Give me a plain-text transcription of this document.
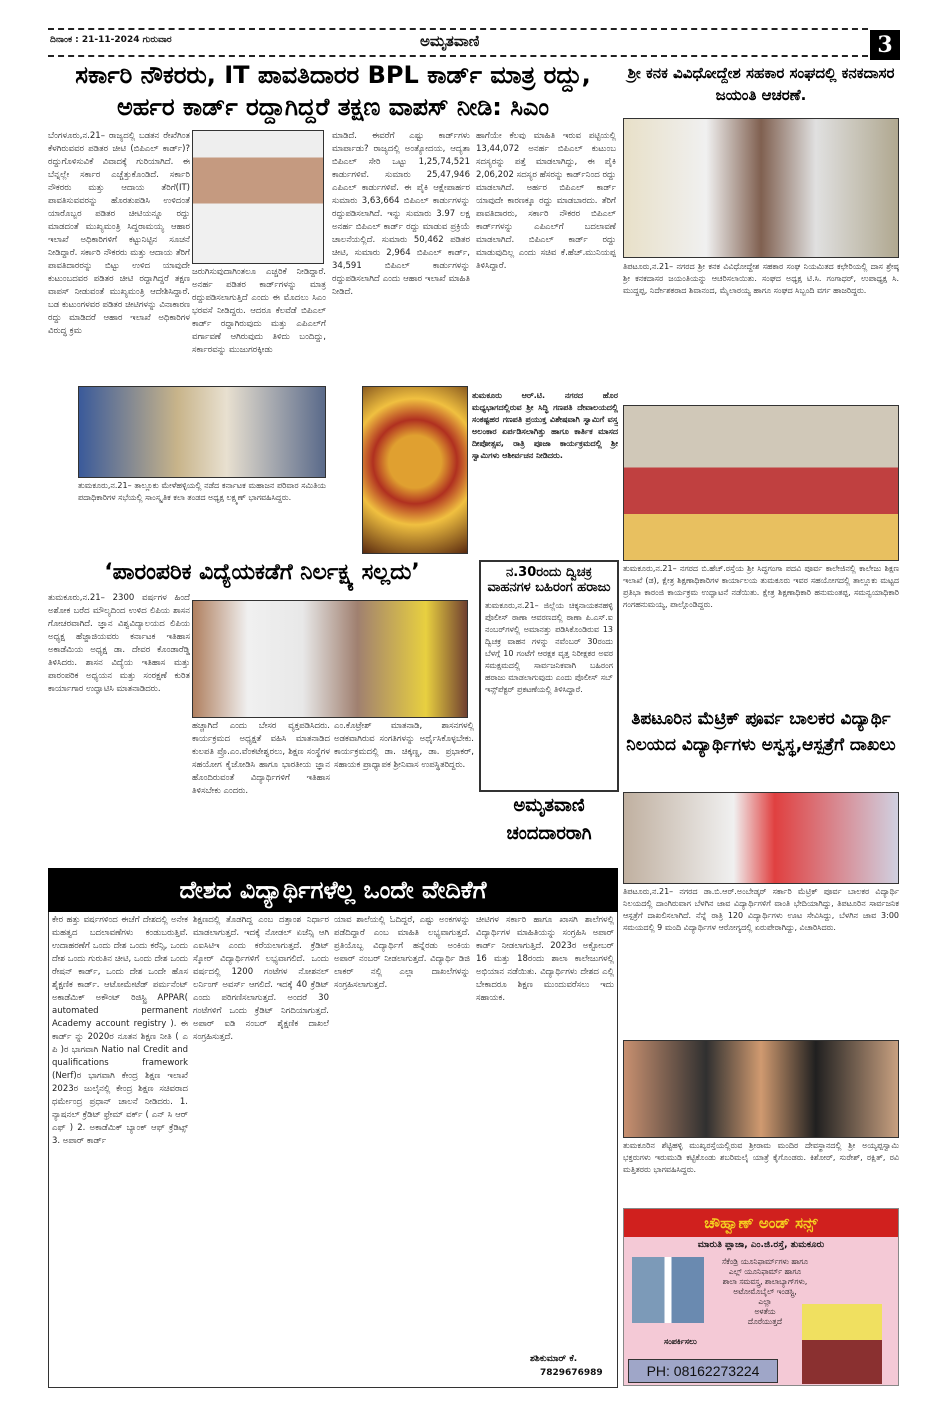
ದಿನಾಂಕ : 21-11-2024 ಗುರುವಾರ	ಅಮೃತವಾಣಿ	3
ಸರ್ಕಾರಿ ನೌಕರರು, IT ಪಾವತಿದಾರರ BPL ಕಾರ್ಡ್ ಮಾತ್ರ ರದ್ದು,
ಅರ್ಹರ ಕಾರ್ಡ್ ರದ್ದಾಗಿದ್ದರೆ ತಕ್ಷಣ ವಾಪಸ್ ನೀಡಿ: ಸಿಎಂ
ಬೆಂಗಳೂರು,ನ.21– ರಾಜ್ಯದಲ್ಲಿ ಬಡತನ ರೇಖೆಗಿಂತ ಕೆಳಗಿರುವವರ ಪಡಿತರ ಚೀಟಿ (ಬಿಪಿಎಲ್ ಕಾರ್ಡ್)? ರದ್ದುಗೊಳಿಸುವಿಕೆ ವಿವಾದಕ್ಕೆ ಗುರಿಯಾಗಿದೆ. ಈ ಬೆನ್ನಲ್ಲೇ ಸರ್ಕಾರ ಎಚ್ಚೆತ್ತುಕೊಂಡಿದೆ. ಸರ್ಕಾರಿ ನೌಕರರು ಮತ್ತು ಆದಾಯ ತೆರಿಗೆ(IT) ಪಾವತಿಸುವವರನ್ನು ಹೊರತುಪಡಿಸಿ ಉಳಿದಂತೆ ಯಾರೊಬ್ಬರ ಪಡಿತರ ಚೀಟಿಯನ್ನೂ ರದ್ದು ಮಾಡದಂತೆ ಮುಖ್ಯಮಂತ್ರಿ ಸಿದ್ದರಾಮಯ್ಯ ಆಹಾರ ಇಲಾಖೆ ಅಧಿಕಾರಿಗಳಿಗೆ ಕಟ್ಟುನಿಟ್ಟಿನ ಸೂಚನೆ ನೀಡಿದ್ದಾರೆ. ಸರ್ಕಾರಿ ನೌಕರರು ಮತ್ತು ಆದಾಯ ತೆರಿಗೆ ಪಾವತಿದಾರರನ್ನು ಬಿಟ್ಟು ಉಳಿದ ಯಾವುದೇ ಕುಟುಂಬದವರ ಪಡಿತರ ಚೀಟಿ ರದ್ದಾಗಿದ್ದರೆ ತಕ್ಷಣ ವಾಪಸ್ ನೀಡುವಂತೆ ಮುಖ್ಯಮಂತ್ರಿ ಆದೇಶಿಸಿದ್ದಾರೆ. ಬಡ ಕುಟುಂಗಳವರ ಪಡಿತರ ಚೀಟಿಗಳನ್ನು ವಿನಾಕಾರಣ ರದ್ದು ಮಾಡಿದರೆ ಆಹಾರ ಇಲಾಖೆ ಅಧಿಕಾರಿಗಳ ವಿರುದ್ಧ ಕ್ರಮ
ಜರುಗಿಸುವುದಾಗಿಂತಲೂ ಎಚ್ಚರಿಕೆ ನೀಡಿದ್ದಾರೆ. ಅನರ್ಹ ಪಡಿತರ ಕಾರ್ಡ್‌ಗಳನ್ನು ಮಾತ್ರ ರದ್ದುಪಡಿಸಲಾಗುತ್ತಿದೆ ಎಂದು ಈ ಮೊದಲು ಸಿಎಂ ಭರವಸೆ ನೀಡಿದ್ದರು. ಆದರೂ ಕೆಲವೆಡೆ ಬಿಪಿಎಲ್ ಕಾರ್ಡ್ ರದ್ದಾಗಿರುವುದು ಮತ್ತು ಎಪಿಎಲ್‌ಗೆ ವರ್ಗಾವಣೆ ಆಗಿರುವುದು ತಿಳಿದು ಬಂದಿದ್ದು, ಸರ್ಕಾರವನ್ನು ಮುಜುಗರಕ್ಕೀಡು
ಮಾಡಿದೆ. ಈವರೆಗೆ ಎಷ್ಟು ಕಾರ್ಡ್‌ಗಳು ಮಾರ್ಪಾಡು? ರಾಜ್ಯದಲ್ಲಿ ಅಂತ್ಯೋದಯ, ಆದ್ಯತಾ ಬಿಪಿಎಲ್ ಸೇರಿ ಒಟ್ಟು 1,25,74,521 ಕಾರ್ಡುಗಳಿವೆ. ಸುಮಾರು 25,47,946 ಎಪಿಎಲ್ ಕಾರ್ಡುಗಳಿವೆ. ಈ ಪೈಕಿ ಆಕ್ಷೇಪಾರ್ಹರ ಸುಮಾರು 3,63,664 ಬಿಪಿಎಲ್ ಕಾರ್ಡುಗಳನ್ನು ರದ್ದುಪಡಿಸಲಾಗಿದೆ. ಇನ್ನು ಸುಮಾರು 3.97 ಲಕ್ಷ ಅನರ್ಹ ಬಿಪಿಎಲ್ ಕಾರ್ಡ್ ರದ್ದು ಮಾಡುವ ಪ್ರಕ್ರಿಯೆ ಚಾಲನೆಯಲ್ಲಿದೆ. ಸುಮಾರು 50,462 ಪಡಿತರ ಚೀಟಿ, ಸುಮಾರು 2,964 ಬಿಪಿಎಲ್ ಕಾರ್ಡ್, 34,591 ಬಿಪಿಎಲ್ ಕಾರ್ಡುಗಳನ್ನು ರದ್ದುಪಡಿಸಲಾಗಿದೆ ಎಂದು ಆಹಾರ ಇಲಾಖೆ ಮಾಹಿತಿ ನೀಡಿದೆ.
ಹಾಗೆಯೇ ಕೆಲವು ಮಾಹಿತಿ ಇರುವ ಪಟ್ಟಿಯಲ್ಲಿ 13,44,072 ಅನರ್ಹ ಬಿಪಿಎಲ್ ಕುಟುಂಬ ಸದಸ್ಯರನ್ನು ಪತ್ತೆ ಮಾಡಲಾಗಿದ್ದು, ಈ ಪೈಕಿ 2,06,202 ಸದಸ್ಯರ ಹೆಸರನ್ನು ಕಾರ್ಡ್‌ನಿಂದ ರದ್ದು ಮಾಡಲಾಗಿದೆ. ಅರ್ಹರ ಬಿಪಿಎಲ್ ಕಾರ್ಡ್ ಯಾವುದೇ ಕಾರಣಕ್ಕೂ ರದ್ದು ಮಾಡಬಾರದು. ತೆರಿಗೆ ಪಾವತಿದಾರರು, ಸರ್ಕಾರಿ ನೌಕರರ ಬಿಪಿಎಲ್ ಕಾರ್ಡ್‌ಗಳನ್ನು ಎಪಿಎಲ್‌ಗೆ ಬದಲಾವಣೆ ಮಾಡಲಾಗಿದೆ. ಬಿಪಿಎಲ್ ಕಾರ್ಡ್ ರದ್ದು ಮಾಡುವುದಿಲ್ಲ ಎಂದು ಸಚಿವ ಕೆ.ಹೆಚ್.ಮುನಿಯಪ್ಪ ತಿಳಿಸಿದ್ದಾರೆ.
ತುಮಕೂರು,ನ.21– ತಾಲ್ಲೂಕು ಮೇಳೆಹಳ್ಳಿಯಲ್ಲಿ ನಡೆದ ಕರ್ನಾಟಕ ಮಹಾಜನ ಪರಿವಾರ ಸಮಿತಿಯ ಪದಾಧಿಕಾರಿಗಳ ಸಭೆಯಲ್ಲಿ ಸಾಂಸ್ಕೃತಿಕ ಕಲಾ ತಂಡದ ಅಧ್ಯಕ್ಷ ಲಕ್ಷ್ಮಣ್ ಭಾಗವಹಿಸಿದ್ದರು.
ತುಮಕೂರು ಆರ್.ಟಿ. ನಗರದ ಹೊರ ಮಧ್ಯಭಾಗದಲ್ಲಿರುವ ಶ್ರೀ ಸಿದ್ಧಿ ಗಣಪತಿ ದೇವಾಲಯದಲ್ಲಿ ಸಂಕಷ್ಟಹರ ಗಣಪತಿ ಪ್ರಯುಕ್ತ ವಿಶೇಷವಾಗಿ ಸ್ವಾಮಿಗೆ ವಸ್ತ್ರ ಅಲಂಕಾರ ಏರ್ಪಡಿಸಲಾಗಿತ್ತು ಹಾಗೂ ಕಾರ್ತಿಕ ಮಾಸದ ದೀಪೋತ್ಸವ, ರಾತ್ರಿ ಪೂಜಾ ಕಾರ್ಯಕ್ರಮದಲ್ಲಿ ಶ್ರೀ ಸ್ವಾಮಿಗಳು ಆಶೀರ್ವಚನ ನೀಡಿದರು.
‘ಪಾರಂಪರಿಕ ವಿದ್ಯೆಯಕಡೆಗೆ ನಿರ್ಲಕ್ಷ್ಯ ಸಲ್ಲದು’
ತುಮಕೂರು,ನ.21– 2300 ವರ್ಷಗಳ ಹಿಂದೆ ಅಶೋಕ ಬರೆದ ಮೌಲ್ಯದಿಂದ ಉಳಿದ ಲಿಪಿಯ ಶಾಸನ ಗೋಚರವಾಗಿದೆ. ಜ್ಞಾನ ವಿಶ್ವವಿದ್ಯಾಲಯದ ಲಿಪಿಯ ಅಧ್ಯಕ್ಷ ಹೆಜ್ಜಾಜಿಯವರು ಕರ್ನಾಟಕ ಇತಿಹಾಸ ಅಕಾಡೆಮಿಯ ಅಧ್ಯಕ್ಷ ಡಾ. ದೇವರ ಕೊಂಡಾರೆಡ್ಡಿ ತಿಳಿಸಿದರು. ಶಾಸನ ವಿದ್ಯೆಯ ಇತಿಹಾಸ ಮತ್ತು ಪಾರಂಪರಿಕ ಅಧ್ಯಯನ ಮತ್ತು ಸಂರಕ್ಷಣೆ ಕುರಿತ ಕಾರ್ಯಾಗಾರ ಉದ್ಘಾಟಿಸಿ ಮಾತನಾಡಿದರು.
ಹಚ್ಚಾಗಿದೆ ಎಂದು ಬೇಸರ ವ್ಯಕ್ತಪಡಿಸಿದರು. ಕಾರ್ಯಕ್ರಮದ ಅಧ್ಯಕ್ಷತೆ ವಹಿಸಿ ಮಾತನಾಡಿದ ಕುಲಪತಿ ಪ್ರೊ.ಎಂ.ವೆಂಕಟೇಶ್ವರಲು, ಶಿಕ್ಷಣ ಸಂಸ್ಥೆಗಳ ಸಹಯೋಗ ಕೈಜೋಡಿಸಿ ಹಾಗೂ ಭಾರತೀಯ ಜ್ಞಾನ ಹೊಂದಿರುವಂತೆ ವಿದ್ಯಾರ್ಥಿಗಳಿಗೆ ಇತಿಹಾಸ ತಿಳಿಸಬೇಕು ಎಂದರು.
ಎಂ.ಕೊಟ್ರೇಶ್ ಮಾತನಾಡಿ, ಶಾಸನಗಳಲ್ಲಿ ಅಡಕವಾಗಿರುವ ಸಂಗತಿಗಳನ್ನು ಅರ್ಥೈಸಿಕೊಳ್ಳಬೇಕು. ಕಾರ್ಯಕ್ರಮದಲ್ಲಿ ಡಾ. ಚಿಕ್ಕಣ್ಣ, ಡಾ. ಪ್ರಭಾಕರ್, ಸಹಾಯಕ ಪ್ರಾಧ್ಯಾಪಕ ಶ್ರೀನಿವಾಸ ಉಪಸ್ಥಿತರಿದ್ದರು.
ನ.30ರಂದು ದ್ವಿಚಕ್ರ ವಾಹನಗಳ ಬಹಿರಂಗ ಹರಾಜು
ತುಮಕೂರು,ನ.21– ಜಿಲ್ಲೆಯ ಚಿಕ್ಕನಾಯಕನಹಳ್ಳಿ ಪೊಲೀಸ್ ಠಾಣಾ ಆವರಣದಲ್ಲಿ ಠಾಣಾ ಪಿ.ಎಸ್.ಐ ನಂಬರ್‌ಗಳಲ್ಲಿ ಅಮಾನತ್ತು ಪಡಿಸಿಕೊಂಡಿರುವ 13 ದ್ವಿಚಕ್ರ ವಾಹನ ಗಳನ್ನು ನವೆಂಬರ್ 30ರಂದು ಬೆಳಗ್ಗೆ 10 ಗಂಟೆಗೆ ಆರಕ್ಷಕ ವೃತ್ತ ನಿರೀಕ್ಷಕರ ಅವರ ಸಮಕ್ಷಮದಲ್ಲಿ ಸಾರ್ವಜನಿಕವಾಗಿ ಬಹಿರಂಗ ಹರಾಜು ಮಾಡಲಾಗುವುದು ಎಂದು ಪೊಲೀಸ್ ಸಬ್ ಇನ್ಸ್‌ಪೆಕ್ಟರ್ ಪ್ರಕಟಣೆಯಲ್ಲಿ ತಿಳಿಸಿದ್ದಾರೆ.
ಅಮೃತವಾಣಿ
ಚಂದದಾರರಾಗಿ
ದೇಶದ ವಿದ್ಯಾರ್ಥಿಗಳೆಲ್ಲ ಒಂದೇ ವೇದಿಕೆಗೆ
ಕೇರ ಹತ್ತು ವರ್ಷಗಳಿಂದ ಈಚೆಗೆ ದೇಶದಲ್ಲಿ ಅನೇಕ ಮಹತ್ವದ ಬದಲಾವಣೆಗಳು ಕಂಡುಬರುತ್ತಿವೆ. ಉದಾಹರಣೆಗೆ ಒಂದು ದೇಶ ಒಂದು ಕರೆನ್ಸಿ, ಒಂದು ದೇಶ ಒಂದು ಗುರುತಿನ ಚೀಟಿ, ಒಂದು ದೇಶ ಒಂದು ರೇಷನ್ ಕಾರ್ಡ್, ಒಂದು ದೇಶ ಒಂದೇ ಹೊಸ ಶೈಕ್ಷಣಿಕ ಕಾರ್ಡ್. ಆಟೋಮೇಟೆಡ್ ಪರ್ಮನೆಂಟ್ ಅಕಾಡೆಮಿಕ್ ಅಕೌಂಟ್ ರಿಜಿಸ್ಟ್ರಿ APPAR( automated permanent Academy account registry ). ಈ ಕಾರ್ಡ್ ನ್ನು 2020ರ ನೂತನ ಶಿಕ್ಷಣ ನೀತಿ ( ಎ ಪಿ )ರ ಭಾಗವಾಗಿ Natio nal Credit and qualifications framework (Nerf)ರ ಭಾಗವಾಗಿ ಕೇಂದ್ರ ಶಿಕ್ಷಣ ಇಲಾಖೆ 2023ರ ಜುಲೈನಲ್ಲಿ ಕೇಂದ್ರ ಶಿಕ್ಷಣ ಸಚಿವರಾದ ಧರ್ಮೇಂದ್ರ ಪ್ರಧಾನ್ ಚಾಲನೆ ನೀಡಿದರು. 1. ನ್ಯಾಷನಲ್ ಕ್ರೆಡಿಟ್ ಫ್ರೇಮ್ ವರ್ಕ್ ( ಎನ್ ಸಿ ಆರ್ ಎಫ್ ) 2. ಅಕಾಡೆಮಿಕ್ ಬ್ಯಾಂಕ್ ಆಫ್ ಕ್ರೆಡಿಟ್ಸ್ 3. ಅಪಾರ್ ಕಾರ್ಡ್
ಶಿಕ್ಷಣದಲ್ಲಿ ತೊಡಗಿದ್ದ ಎಂಬ ದತ್ತಾಂಶ ನಿರ್ಧಾರ ಮಾಡಲಾಗುತ್ತದೆ. ಇದಕ್ಕೆ ನೋಡಲ್ ಏಜೆನ್ಸಿ ಆಗಿ ಎಐಸಿಟಿಇ ಎಂದು ಕರೆಯಲಾಗುತ್ತದೆ. ಕ್ರೆಡಿಟ್ ಸ್ಕೋರ್ ವಿದ್ಯಾರ್ಥಿಗಳಿಗೆ ಲಭ್ಯವಾಗಲಿದೆ. ಒಂದು ವರ್ಷದಲ್ಲಿ 1200 ಗಂಟೆಗಳ ನೋಶನಲ್ ಲರ್ನಿಂಗ್ ಅವರ್ಸ್ ಆಗಲಿದೆ. ಇದಕ್ಕೆ 40 ಕ್ರೆಡಿಟ್ ಎಂದು ಪರಿಗಣಿಸಲಾಗುತ್ತದೆ. ಅಂದರೆ 30 ಗಂಟೆಗಳಿಗೆ ಒಂದು ಕ್ರೆಡಿಟ್ ನಿಗದಿಯಾಗುತ್ತದೆ. ಅಪಾರ್ ಐಡಿ ನಂಬರ್ ಶೈಕ್ಷಣಿಕ ದಾಖಲೆ ಸಂಗ್ರಹಿಸುತ್ತದೆ.
ಯಾವ ಶಾಲೆಯಲ್ಲಿ ಓದಿದ್ದರೆ, ಎಷ್ಟು ಅಂಕಗಳನ್ನು ಪಡೆದಿದ್ದಾರೆ ಎಂಬ ಮಾಹಿತಿ ಲಭ್ಯವಾಗುತ್ತದೆ. ಪ್ರತಿಯೊಬ್ಬ ವಿದ್ಯಾರ್ಥಿಗೆ ಹನ್ನೆರಡು ಅಂಕಿಯ ಅಪಾರ್ ನಂಬರ್ ನೀಡಲಾಗುತ್ತದೆ. ವಿದ್ಯಾರ್ಥಿ ಡಿಜಿ ಲಾಕರ್ ನಲ್ಲಿ ಎಲ್ಲಾ ದಾಖಲೆಗಳನ್ನು ಸಂಗ್ರಹಿಸಲಾಗುತ್ತದೆ.
ಚೀಟಿಗಳ ಸರ್ಕಾರಿ ಹಾಗೂ ಖಾಸಗಿ ಶಾಲೆಗಳಲ್ಲಿ ವಿದ್ಯಾರ್ಥಿಗಳ ಮಾಹಿತಿಯನ್ನು ಸಂಗ್ರಹಿಸಿ ಅಪಾರ್ ಕಾರ್ಡ್ ನೀಡಲಾಗುತ್ತಿದೆ. 2023ರ ಅಕ್ಟೋಬರ್ 16 ಮತ್ತು 18ರಂದು ಶಾಲಾ ಕಾಲೇಜುಗಳಲ್ಲಿ ಅಭಿಯಾನ ನಡೆಯಿತು. ವಿದ್ಯಾರ್ಥಿಗಳು ದೇಶದ ಎಲ್ಲಿ ಬೇಕಾದರೂ ಶಿಕ್ಷಣ ಮುಂದುವರೆಸಲು ಇದು ಸಹಾಯಕ.
ಶಶಿಕುಮಾರ್ ಕೆ.
7829676989
ಶ್ರೀ ಕನಕ ವಿವಿಧೋದ್ದೇಶ ಸಹಕಾರ ಸಂಘದಲ್ಲಿ ಕನಕದಾಸರ ಜಯಂತಿ ಆಚರಣೆ.
ತಿಪಟೂರು,ನ.21– ನಗರದ ಶ್ರೀ ಕನಕ ವಿವಿಧೋದ್ದೇಶ ಸಹಕಾರ ಸಂಘ ನಿಯಮಿತದ ಕಛೇರಿಯಲ್ಲಿ ದಾಸ ಶ್ರೇಷ್ಠ ಶ್ರೀ ಕನಕದಾಸರ ಜಯಂತಿಯನ್ನು ಆಚರಿಸಲಾಯಿತು. ಸಂಘದ ಅಧ್ಯಕ್ಷ ಟಿ.ಸಿ. ಗಂಗಾಧರ್, ಉಪಾಧ್ಯಕ್ಷ ಸಿ. ಮುದ್ದಪ್ಪ, ನಿರ್ದೇಶಕರಾದ ಶಿವಾನಂದ, ಮೈಲಾರಯ್ಯ ಹಾಗೂ ಸಂಘದ ಸಿಬ್ಬಂದಿ ವರ್ಗ ಹಾಜರಿದ್ದರು.
ತುಮಕೂರು,ನ.21– ನಗರದ ಬಿ.ಹೆಚ್.ರಸ್ತೆಯ ಶ್ರೀ ಸಿದ್ಧಗಂಗಾ ಪದವಿ ಪೂರ್ವ ಕಾಲೇಜಿನಲ್ಲಿ ಕಾಲೇಜು ಶಿಕ್ಷಣ ಇಲಾಖೆ (ಡ), ಕ್ಷೇತ್ರ ಶಿಕ್ಷಣಾಧಿಕಾರಿಗಳ ಕಾರ್ಯಾಲಯ ತುಮಕೂರು ಇವರ ಸಹಯೋಗದಲ್ಲಿ ತಾಲ್ಲೂಕು ಮಟ್ಟದ ಪ್ರತಿಭಾ ಕಾರಂಜಿ ಕಾರ್ಯಕ್ರಮ ಉದ್ಘಾಟನೆ ನಡೆಯಿತು. ಕ್ಷೇತ್ರ ಶಿಕ್ಷಣಾಧಿಕಾರಿ ಹನುಮಂತಪ್ಪ, ಸಮನ್ವಯಾಧಿಕಾರಿ ಗಂಗಹನುಮಯ್ಯ, ಪಾಲ್ಗೊಂಡಿದ್ದರು.
ತಿಪಟೂರಿನ ಮೆಟ್ರಿಕ್ ಪೂರ್ವ ಬಾಲಕರ ವಿದ್ಯಾರ್ಥಿ ನಿಲಯದ ವಿದ್ಯಾರ್ಥಿಗಳು ಅಸ್ವಸ್ಥ,ಆಸ್ಪತ್ರೆಗೆ ದಾಖಲು
ತಿಪಟೂರು,ನ.21– ನಗರದ ಡಾ.ಬಿ.ಆರ್.ಅಂಬೇಡ್ಕರ್ ಸರ್ಕಾರಿ ಮೆಟ್ರಿಕ್ ಪೂರ್ವ ಬಾಲಕರ ವಿದ್ಯಾರ್ಥಿ ನಿಲಯದಲ್ಲಿ ದಾಂಗಿರುವಾಗ ಬೆಳಗಿನ ಜಾವ ವಿದ್ಯಾರ್ಥಿಗಳಿಗೆ ವಾಂತಿ ಭೇದಿಯಾಗಿದ್ದು, ತಿಪಟೂರಿನ ಸಾರ್ವಜನಿಕ ಆಸ್ಪತ್ರೆಗೆ ದಾಖಲಿಸಲಾಗಿದೆ. ನೆನ್ನೆ ರಾತ್ರಿ 120 ವಿದ್ಯಾರ್ಥಿಗಳು ಊಟ ಸೇವಿಸಿದ್ದು, ಬೆಳಗಿನ ಜಾವ 3:00 ಸಮಯದಲ್ಲಿ 9 ಮಂದಿ ವಿದ್ಯಾರ್ಥಿಗಳ ಆರೋಗ್ಯದಲ್ಲಿ ಏರುಪೇರಾಗಿದ್ದು, ವಿಚಾರಿಸಿದರು.
ತುಮಕೂರಿನ ಶೆಟ್ಟಿಹಳ್ಳಿ ಮುಖ್ಯರಸ್ತೆಯಲ್ಲಿರುವ ಶ್ರೀರಾಮ ಮಂದಿರ ದೇವಸ್ಥಾನದಲ್ಲಿ ಶ್ರೀ ಅಯ್ಯಪ್ಪಸ್ವಾಮಿ ಭಕ್ತರುಗಳು ಇರುಮುಡಿ ಕಟ್ಟಿಕೊಂಡು ಶಬರಿಮಲೈ ಯಾತ್ರೆ ಕೈಗೊಂಡರು. ಕಿಶೋರ್, ಸುರೇಶ್, ರಕ್ಷಿತ್, ರವಿ ಮತ್ತಿತರರು ಭಾಗವಹಿಸಿದ್ದರು.
ಚೌಹ್ವಾಣ್ ಅಂಡ್ ಸನ್ಸ್
ಮಾರುತಿ ಪ್ಲಾಜಾ, ಎಂ.ಜಿ.ರಸ್ತೆ, ತುಮಕೂರು
ಸೆಕೆಂಡ್ರಿ ಯೂನಿಫಾರ್ಮ್‌ಗಳು ಹಾಗೂ
ಎಲ್ಲ್ ಯೂನಿಫಾರ್ಮ್ ಹಾಗೂ
ಶಾಲಾ ಸಮವಸ್ತ್ರ, ಶಾಲಾಬ್ಯಾಗ್‌ಗಳು,
ಅಟೋಮೊಬೈಲ್ ಇಂಡಸ್ಟ್ರಿ,
ಎಲ್ಲಾ
ಅಳತೆಯ
ದೊರೆಯುತ್ತದೆ
ಸಂಪರ್ಕಿಸಲು
PH: 08162273224
